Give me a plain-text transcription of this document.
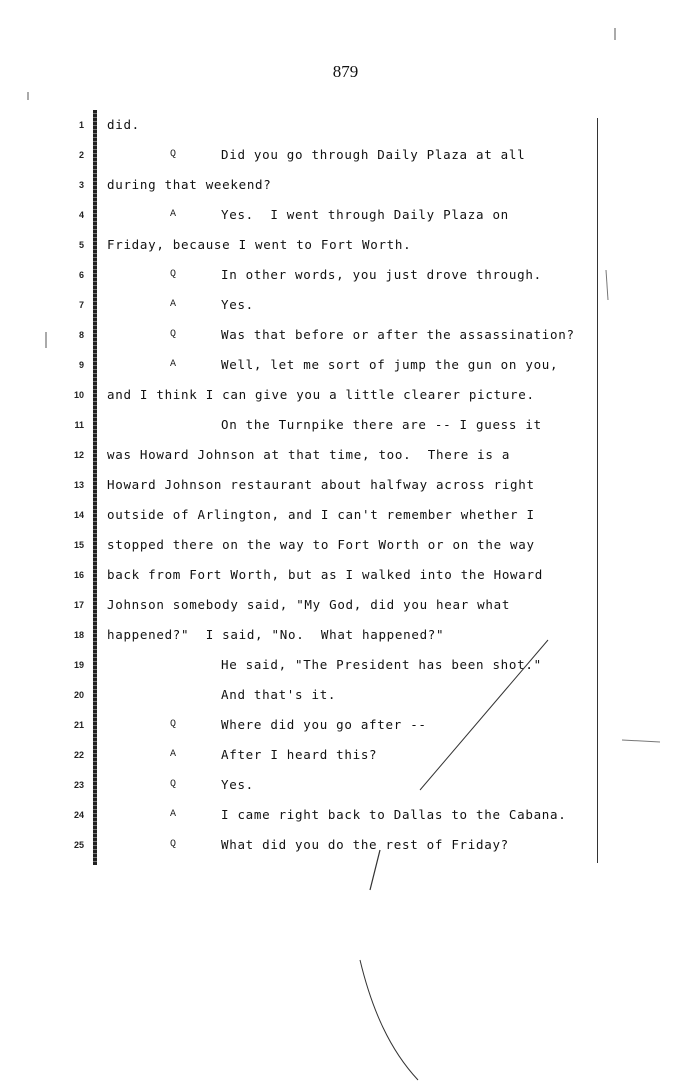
879
1 did.
2	Q	Did you go through Daily Plaza at all
3 during that weekend?
4	A	Yes.  I went through Daily Plaza on
5 Friday, because I went to Fort Worth.
6	Q	In other words, you just drove through.
7	A	Yes.
8	Q	Was that before or after the assassination?
9	A	Well, let me sort of jump the gun on you,
10 and I think I can give you a little clearer picture.
11	On the Turnpike there are -- I guess it
12 was Howard Johnson at that time, too.  There is a
13 Howard Johnson restaurant about halfway across right
14 outside of Arlington, and I can't remember whether I
15 stopped there on the way to Fort Worth or on the way
16 back from Fort Worth, but as I walked into the Howard
17 Johnson somebody said, "My God, did you hear what
18 happened?"  I said, "No.  What happened?"
19	He said, "The President has been shot."
20	And that's it.
21	Q	Where did you go after --
22	A	After I heard this?
23	Q	Yes.
24	A	I came right back to Dallas to the Cabana.
25	Q	What did you do the rest of Friday?
